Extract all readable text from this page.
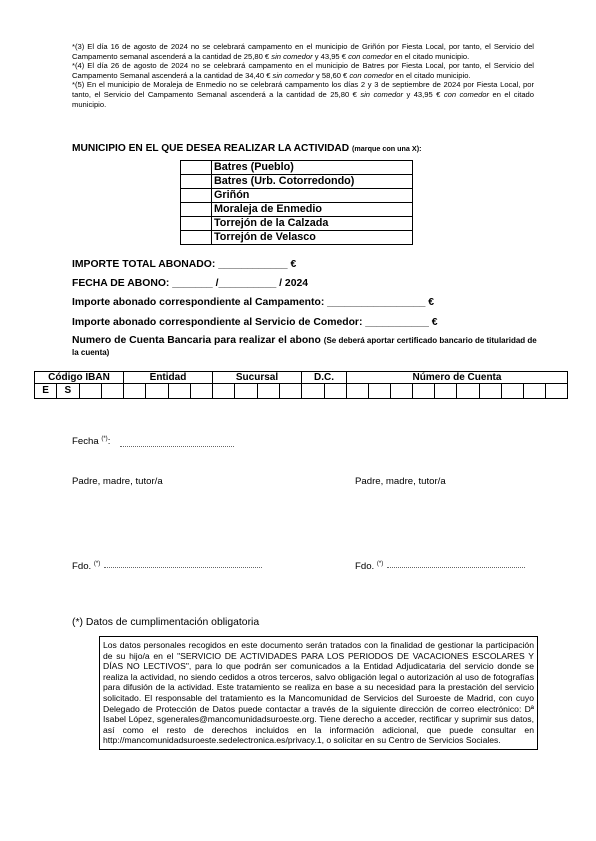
*(3) El día 16 de agosto de 2024 no se celebrará campamento en el municipio de Griñón por Fiesta Local, por tanto, el Servicio del Campamento semanal ascenderá a la cantidad de 25,80 € sin comedor y 43,95 € con comedor en el citado municipio.

*(4) El día 26 de agosto de 2024 no se celebrará campamento en el municipio de Batres por Fiesta Local, por tanto, el Servicio del Campamento Semanal ascenderá a la cantidad de 34,40 € sin comedor y 58,60 € con comedor en el citado municipio.

*(5) En el municipio de Moraleja de Enmedio no se celebrará campamento los días 2 y 3 de septiembre de 2024 por Fiesta Local, por tanto, el Servicio del Campamento Semanal ascenderá a la cantidad de 25,80 € sin comedor y 43,95 € con comedor en el citado municipio.

MUNICIPIO EN EL QUE DESEA REALIZAR LA ACTIVIDAD (marque con una X):
	Batres (Pueblo)
	Batres (Urb. Cotorredondo)
	Griñón
	Moraleja de Enmedio
	Torrejón de la Calzada
	Torrejón de Velasco
IMPORTE TOTAL ABONADO: ____________ €
FECHA DE ABONO: _______ /__________ / 2024
Importe abonado correspondiente al Campamento: _________________ €
Importe abonado correspondiente al Servicio de Comedor: ___________ €
Numero de Cuenta Bancaria para realizar el abono (Se deberá aportar certificado bancario de titularidad de la cuenta)
Código IBAN				Entidad				Sucursal				D.C.		Número de Cuenta									
E	S																						
Fecha (*):
Padre, madre, tutor/a	Padre, madre, tutor/a
Fdo. (*)	Fdo. (*)
(*) Datos de cumplimentación obligatoria
Los datos personales recogidos en este documento serán tratados con la finalidad de gestionar la participación de su hijo/a en el "SERVICIO DE ACTIVIDADES PARA LOS PERIODOS DE VACACIONES ESCOLARES Y DÍAS NO LECTIVOS", para lo que podrán ser comunicados a la Entidad Adjudicataria del servicio donde se realiza la actividad, no siendo cedidos a otros terceros, salvo obligación legal o autorización al uso de fotografías para difusión de la actividad. Este tratamiento se realiza en base a su necesidad para la prestación del servicio solicitado. El responsable del tratamiento es la Mancomunidad de Servicios del Suroeste de Madrid, con cuyo Delegado de Protección de Datos puede contactar a través de la siguiente dirección de correo electrónico: Dª Isabel López, sgenerales@mancomunidadsuroeste.org. Tiene derecho a acceder, rectificar y suprimir sus datos, así como el resto de derechos incluidos en la información adicional, que puede consultar en http://mancomunidadsuroeste.sedelectronica.es/privacy.1, o solicitar en su Centro de Servicios Sociales.
